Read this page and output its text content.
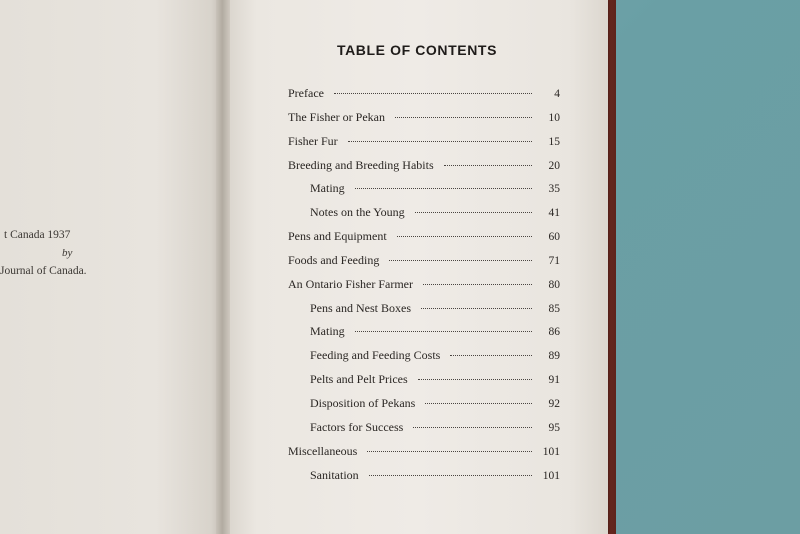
t Canada 1937
by
Journal of Canada.
TABLE OF CONTENTS
Preface	4
The Fisher or Pekan	10
Fisher Fur	15
Breeding and Breeding Habits	20
Mating	35
Notes on the Young	41
Pens and Equipment	60
Foods and Feeding	71
An Ontario Fisher Farmer	80
Pens and Nest Boxes	85
Mating	86
Feeding and Feeding Costs	89
Pelts and Pelt Prices	91
Disposition of Pekans	92
Factors for Success	95
Miscellaneous	101
Sanitation	101
